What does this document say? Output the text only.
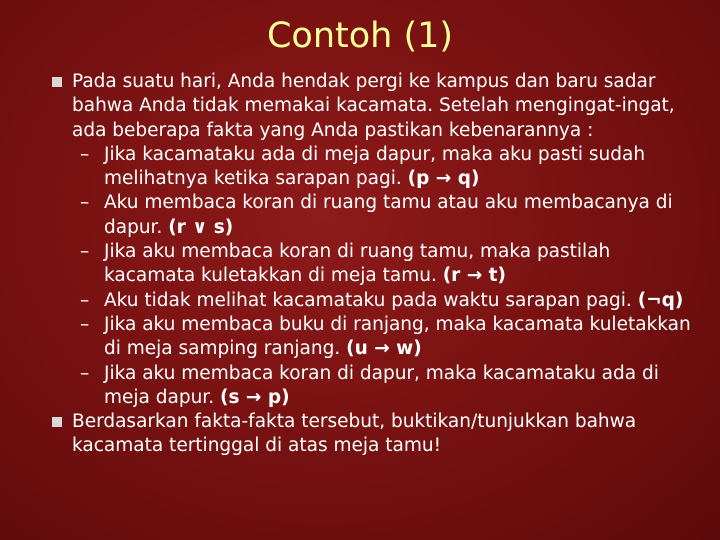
Contoh (1)
Pada suatu hari, Anda hendak pergi ke kampus dan baru sadar bahwa Anda tidak memakai kacamata. Setelah mengingat-ingat, ada beberapa fakta yang Anda pastikan kebenarannya :
– Jika kacamataku ada di meja dapur, maka aku pasti sudah melihatnya ketika sarapan pagi. (p → q)
– Aku membaca koran di ruang tamu atau aku membacanya di dapur. (r ∨ s)
– Jika aku membaca koran di ruang tamu, maka pastilah kacamata kuletakkan di meja tamu. (r → t)
– Aku tidak melihat kacamataku pada waktu sarapan pagi. (¬q)
– Jika aku membaca buku di ranjang, maka kacamata kuletakkan di meja samping ranjang. (u → w)
– Jika aku membaca koran di dapur, maka kacamataku ada di meja dapur. (s → p)
Berdasarkan fakta-fakta tersebut, buktikan/tunjukkan bahwa kacamata tertinggal di atas meja tamu!
